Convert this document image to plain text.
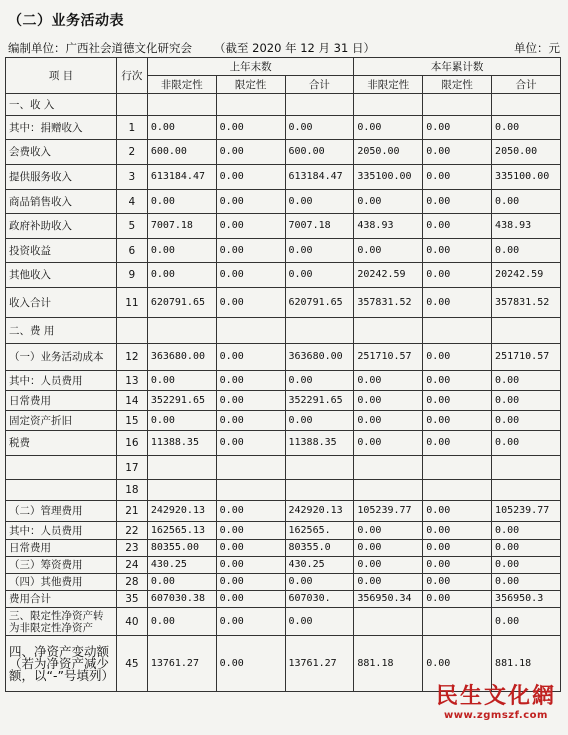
（二）业务活动表
编制单位：广西社会道德文化研究会 （截至 2020 年 12 月 31 日）	单位：元
项 目	行次	上年末数			本年累计数		
		非限定性	限定性	合计	非限定性	限定性	合计
一、收 入							
其中：捐赠收入	1	0.00	0.00	0.00	0.00	0.00	0.00
会费收入	2	600.00	0.00	600.00	2050.00	0.00	2050.00
提供服务收入	3	613184.47	0.00	613184.47	335100.00	0.00	335100.00
商品销售收入	4	0.00	0.00	0.00	0.00	0.00	0.00
政府补助收入	5	7007.18	0.00	7007.18	438.93	0.00	438.93
投资收益	6	0.00	0.00	0.00	0.00	0.00	0.00
其他收入	9	0.00	0.00	0.00	20242.59	0.00	20242.59
收入合计	11	620791.65	0.00	620791.65	357831.52	0.00	357831.52
二、费 用							
（一）业务活动成本	12	363680.00	0.00	363680.00	251710.57	0.00	251710.57
其中：人员费用	13	0.00	0.00	0.00	0.00	0.00	0.00
日常费用	14	352291.65	0.00	352291.65	0.00	0.00	0.00
固定资产折旧	15	0.00	0.00	0.00	0.00	0.00	0.00
税费	16	11388.35	0.00	11388.35	0.00	0.00	0.00
	17						
	18						
（二）管理费用	21	242920.13	0.00	242920.13	105239.77	0.00	105239.77
其中：人员费用	22	162565.13	0.00	162565.	0.00	0.00	0.00
日常费用	23	80355.00	0.00	80355.0	0.00	0.00	0.00
（三）筹资费用	24	430.25	0.00	430.25	0.00	0.00	0.00
（四）其他费用	28	0.00	0.00	0.00	0.00	0.00	0.00
费用合计	35	607030.38	0.00	607030.	356950.34	0.00	356950.3
三、限定性净资产转为非限定性净资产	40	0.00	0.00	0.00			0.00
四、净资产变动额（若为净资产减少额，以“-”号填列）	45	13761.27	0.00	13761.27	881.18	0.00	881.18
民生文化網
www.zgmszf.com
